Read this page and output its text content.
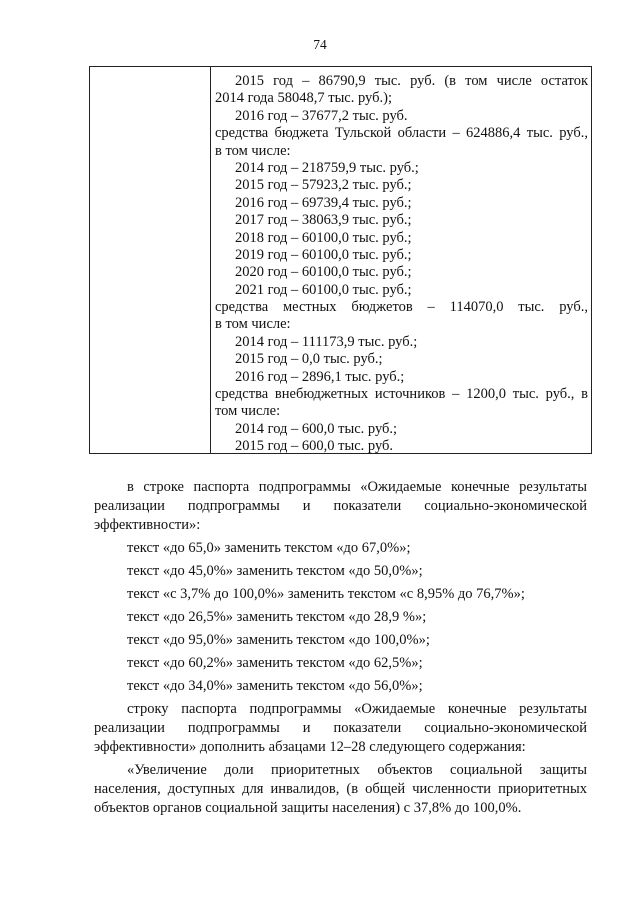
74
2015 год – 86790,9 тыс. руб. (в том числе остаток
2014 года 58048,7 тыс. руб.);
2016 год – 37677,2 тыс. руб.
средства бюджета Тульской области – 624886,4 тыс. руб.,
в том числе:
2014 год – 218759,9 тыс. руб.;
2015 год – 57923,2 тыс. руб.;
2016 год – 69739,4 тыс. руб.;
2017 год – 38063,9 тыс. руб.;
2018 год – 60100,0 тыс. руб.;
2019 год – 60100,0 тыс. руб.;
2020 год – 60100,0 тыс. руб.;
2021 год – 60100,0 тыс. руб.;
средства местных бюджетов – 114070,0 тыс. руб.,
в том числе:
2014 год – 111173,9 тыс. руб.;
2015 год – 0,0 тыс. руб.;
2016 год – 2896,1 тыс. руб.;
средства внебюджетных источников – 1200,0 тыс. руб., в
том числе:
2014 год – 600,0 тыс. руб.;
2015 год – 600,0 тыс. руб.
в строке паспорта подпрограммы «Ожидаемые конечные результаты
реализации подпрограммы и показатели социально-экономической
эффективности»:
текст «до 65,0» заменить текстом «до 67,0%»;
текст «до 45,0%» заменить текстом «до 50,0%»;
текст «с 3,7% до 100,0%» заменить текстом «с 8,95% до 76,7%»;
текст «до 26,5%» заменить текстом «до 28,9 %»;
текст «до 95,0%» заменить текстом «до 100,0%»;
текст «до 60,2%» заменить текстом «до 62,5%»;
текст «до 34,0%» заменить текстом «до 56,0%»;
строку паспорта подпрограммы «Ожидаемые конечные результаты
реализации подпрограммы и показатели социально-экономической
эффективности» дополнить абзацами 12–28 следующего содержания:
«Увеличение доли приоритетных объектов социальной защиты
населения, доступных для инвалидов, (в общей численности приоритетных
объектов органов социальной защиты населения) с 37,8% до 100,0%.
